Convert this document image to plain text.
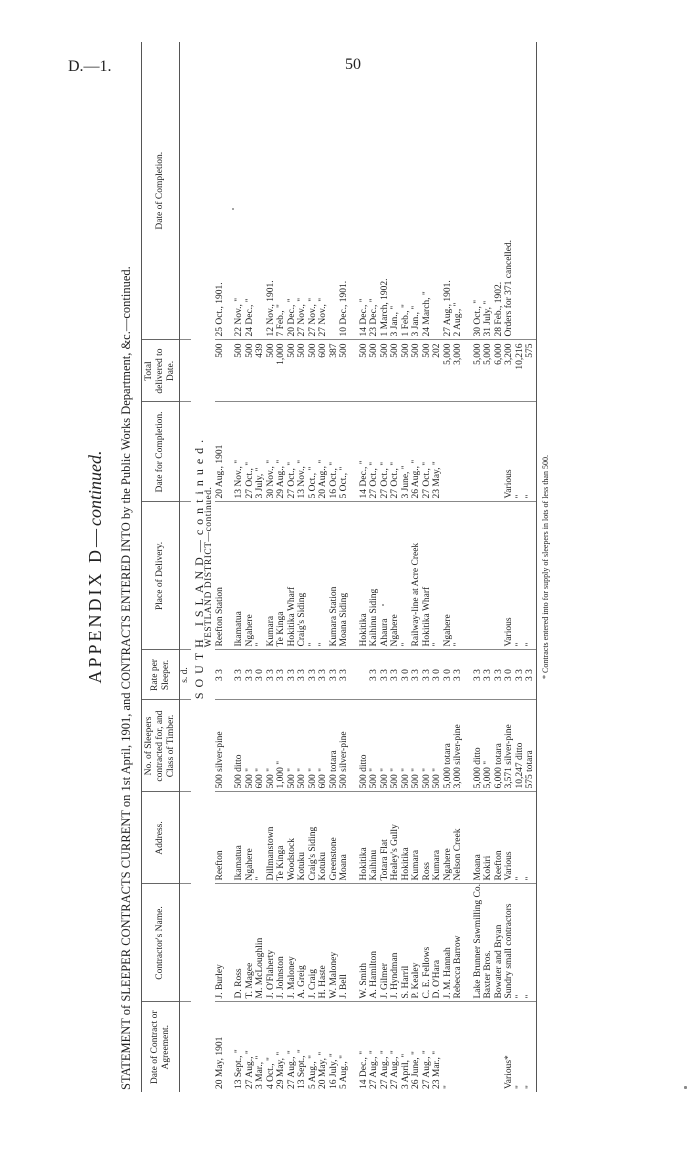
D.—1.	50
APPENDIX D—continued. STATEMENT of SLEEPER CONTRACTS CURRENT on 1st April, 1901, and CONTRACTS ENTERED INTO by the Public Works Department, &c.—continued. Date of Contract or Agreement.	Contractor's Name.	Address.	No. of Sleepers contracted for, and Class of Timber.	Rate per Sleeper.	Place of Delivery.	Date for Completion.	Total delivered to Date.	Date of Completion.
				s. d.				
SOUTH ISLAND—continued.								
WESTLAND DISTRICT—continued.								
20 May, 1901	J. Burley	Reefton	500 silver-pine	3 3	Reefton Station	20 Aug., 1901	500	25 Oct., 1901.

13 Sept., "	D. Ross	Ikamatua	500 ditto	3 3	Ikamatua	13 Nov., "	500	22 Nov., "
27 Aug., "	T. Magee	Ngahere	500 "	3 3	Ngahere	27 Oct., "	500	24 Dec., "
3 Mar., "	M. McLoughlin	"	600 "	3 0	"	3 July, "	439	
4 Oct., "	J. O'Flaherty	Dillmanstown	500 "	3 3	Kumara	30 Nov., "	500	12 Nov., 1901.
29 May, "	J. Johnston	Te Kinga	1,000 "	3 3	Te Kinga	29 Aug., "	1,000	7 Feb., "
27 Aug., "	J. Maloney	Woodstock	500 "	3 3	Hokitika Wharf	27 Oct., "	500	20 Dec., "
13 Sept., "	A. Greig	Kotuku	500 "	3 3	Craig's Siding	13 Nov., "	500	27 Nov., "
5 Aug., "	J. Craig	Craig's Siding	500 "	3 3	"	5 Oct., "	500	27 Nov., "
20 May, "	H. Haste	Kotuku	600 "	3 3	"	20 Aug., "	600	27 Nov., "
16 July, "	W. Maloney	Greenstone	500 totara	3 3	Kumara Station	16 Oct., "	387	
5 Aug., "	J. Bell	Moana	500 silver-pine	3 3	Moana Siding	5 Oct., "	500	10 Dec., 1901.

14 Dec., "	W. Smith	Hokitika	500 ditto		Hokitika	14 Dec., "	500	14 Dec., "
27 Aug., "	A. Hamilton	Kaihinu	500 "	3 3	Kaihinu Siding	27 Oct., "	500	23 Dec., "
27 Aug., "	J. Gilmer	Totara Flat	500 "	3 3	Ahaura	27 Oct., "	500	1 March, 1902.
27 Aug., "	J. Hyndman	Healey's Gully	500 "	3 3	Ngahere	27 Oct., "	500	3 Jan., "
3 April, "	S. Harril	Hokitika	500 "	3 0	"	3 June, "	500	1 Feb., "
26 June, "	P. Kealey	Kumara	500 "	3 3	Railway-line at Acre Creek	26 Aug., "	500	3 Jan., "
27 Aug., "	C. E. Fellows	Ross	500 "	3 3	Hokitika Wharf	27 Oct., "	500	24 March, "
23 Mar., "	D. O'Hara	Kumara	500 "	3 0	"	23 May, "	202	
"	J. M. Hannah	Ngahere	5,000 totara	3 0	Ngahere		5,000	27 Aug., 1901.
	Rebecca Barrow	Nelson Creek	3,000 silver-pine	3 3	"		3,000	2 Aug., "

	Lake Brunner Sawmilling Co.	Moana	5,000 ditto	3 3			5,000	30 Oct., "
	Baxter Bros.	Kokiri	5,000 "	3 3			5,000	31 July, "
	Bowater and Bryan	Reefton	6,000 totara	3 3			6,000	28 Feb., 1902.
Various*	Sundry small contractors	Various	3,571 silver-pine	3 0	Various	Various	3,200	Orders for 371 cancelled.
"	"	"	10,247 ditto	3 3	"	"	10,216	
"	"	"	575 totara	3 3	"	"	575	
* Contracts entered into for supply of sleepers in lots of less than 500.
